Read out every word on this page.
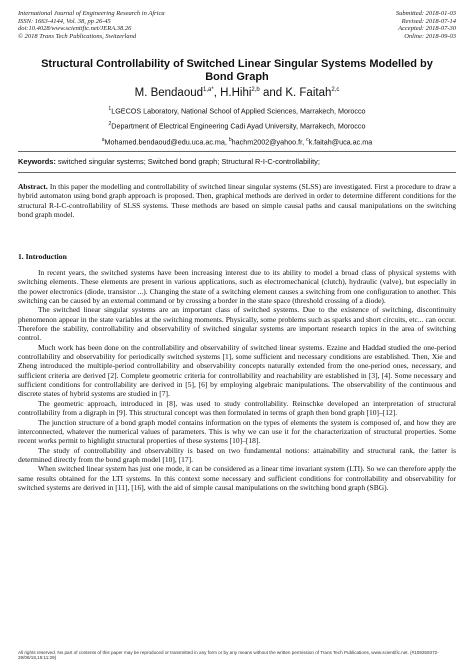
International Journal of Engineering Research in Africa
ISSN: 1663-4144, Vol. 38, pp 26-45
doi:10.4028/www.scientific.net/JERA.38.26
© 2018 Trans Tech Publications, Switzerland
Submitted: 2018-01-03
Revised: 2018-07-14
Accepted: 2018-07-30
Online: 2018-09-03
Structural Controllability of Switched Linear Singular Systems Modelled by Bond Graph
M. Bendaoud$^{1,a*}$, H.Hihi$^{2,b}$ and K. Faitah$^{2,c}$
$^1$LGECOS Laboratory, National School of Applied Sciences, Marrakech, Morocco
$^2$Department of Electrical Engineering Cadi Ayad University, Marrakech, Morocco
$^a$Mohamed.bendaoud@edu.uca.ac.ma, $^b$hachm2002@yahoo.fr, $^c$k.faitah@uca.ac.ma
Keywords: switched singular systems; Switched bond graph; Structural R-I-C-controllability;
Abstract. In this paper the modelling and controllability of switched linear singular systems (SLSS) are investigated. First a procedure to draw a hybrid automaton using bond graph approach is proposed. Then, graphical methods are derived in order to determine different conditions for the structural R-I-C-controllability of SLSS systems. These methods are based on simple causal paths and causal manipulations on the switching bond graph model.
1. Introduction

In recent years, the switched systems have been increasing interest due to its ability to model a broad class of physical systems with switching elements. These elements are present in various applications, such as electromechanical (clutch), hydraulic (valve), but especially in the power electronics (diode, transistor ...). Changing the state of a switching element causes a switching from one configuration to another. This switching can be caused by an external command or by crossing a border in the state space (threshold crossing of a diode).

The switched linear singular systems are an important class of switched systems. Due to the existence of switching, discontinuity phenomenon appear in the state variables at the switching moments. Physically, some problems such as sparks and short circuits, etc... can occur. Therefore the stability, controllability and observability of switched singular systems are important research topics in the area of switching control.

Much work has been done on the controllability and observability of switched linear systems. Ezzine and Haddad studied the one-period controllability and observability for periodically switched systems [1], some sufficient and necessary conditions are established. Then, Xie and Zheng introduced the multiple-period controllability and observability concepts naturally extended from the one-period ones, necessary, and sufficient criteria are derived [2]. Complete geometric criteria for controllability and reachability are established in [3], [4]. Some necessary and sufficient conditions for controllability are derived in [5], [6] by employing algebraic manipulations. The observability of the continuous and discrete states of hybrid systems are studied in [7].

The geometric approach, introduced in [8], was used to study controllability. Reinschke developed an interpretation of structural controllability from a digraph in [9]. This structural concept was then formulated in terms of graph then bond graph [10]–[12].

The junction structure of a bond graph model contains information on the types of elements the system is composed of, and how they are interconnected, whatever the numerical values of parameters. This is why we can use it for the characterization of structural properties. Some recent works permit to highlight structural properties of these systems [10]–[18].

The study of controllability and observability is based on two fundamental notions: attainability and structural rank, the latter is determined directly from the bond graph model [10], [17].

When switched linear system has just one mode, it can be considered as a linear time invariant system (LTI). So we can therefore apply the same results obtained for the LTI systems. In this context some necessary and sufficient conditions for controllability and observability for switched systems are derived in [11], [16], with the aid of simple causal manipulations on the switching bond graph (SBG).

All rights reserved. No part of contents of this paper may be reproduced or transmitted in any form or by any means without the written permission of Trans Tech Publications, www.scientific.net. (#109269372-29/08/18,15:11:29)
